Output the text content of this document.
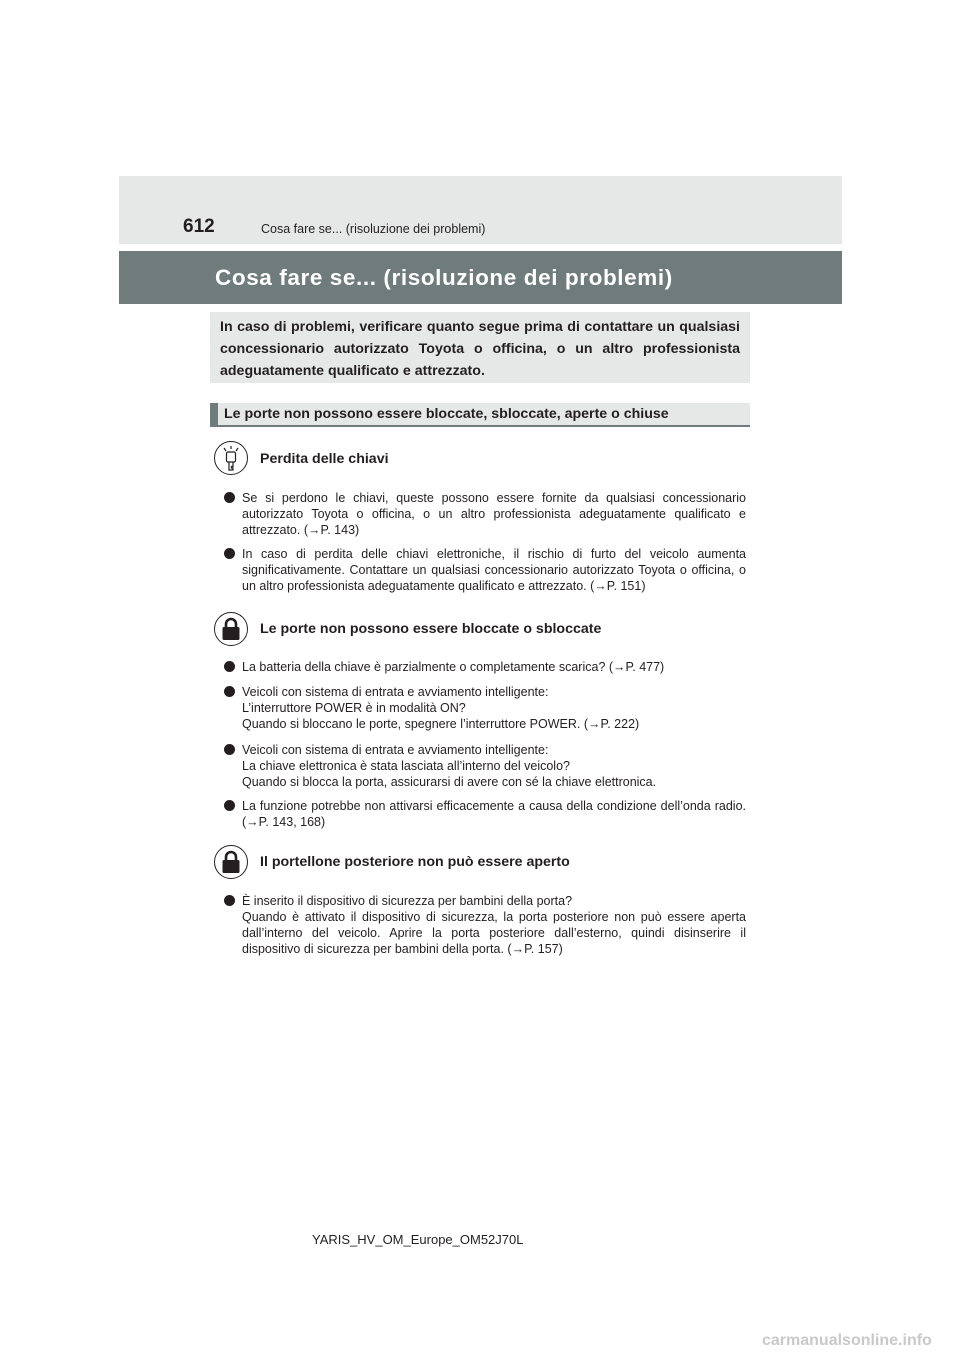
612	Cosa fare se... (risoluzione dei problemi)
Cosa fare se... (risoluzione dei problemi)
In caso di problemi, verificare quanto segue prima di contattare un qualsiasi concessionario autorizzato Toyota o officina, o un altro professionista adeguatamente qualificato e attrezzato.
Le porte non possono essere bloccate, sbloccate, aperte o chiuse
Perdita delle chiavi
Se si perdono le chiavi, queste possono essere fornite da qualsiasi concessionario autorizzato Toyota o officina, o un altro professionista adeguatamente qualificato e attrezzato. (→P. 143)
In caso di perdita delle chiavi elettroniche, il rischio di furto del veicolo aumenta significativamente. Contattare un qualsiasi concessionario autorizzato Toyota o officina, o un altro professionista adeguatamente qualificato e attrezzato. (→P. 151)
Le porte non possono essere bloccate o sbloccate
La batteria della chiave è parzialmente o completamente scarica? (→P. 477)
Veicoli con sistema di entrata e avviamento intelligente:
L’interruttore POWER è in modalità ON?
Quando si bloccano le porte, spegnere l’interruttore POWER. (→P. 222)
Veicoli con sistema di entrata e avviamento intelligente:
La chiave elettronica è stata lasciata all’interno del veicolo?
Quando si blocca la porta, assicurarsi di avere con sé la chiave elettronica.
La funzione potrebbe non attivarsi efficacemente a causa della condizione dell’onda radio. (→P. 143, 168)
Il portellone posteriore non può essere aperto
È inserito il dispositivo di sicurezza per bambini della porta?
Quando è attivato il dispositivo di sicurezza, la porta posteriore non può essere aperta dall’interno del veicolo. Aprire la porta posteriore dall’esterno, quindi disinserire il dispositivo di sicurezza per bambini della porta. (→P. 157)
YARIS_HV_OM_Europe_OM52J70L
carmanualsonline.info
